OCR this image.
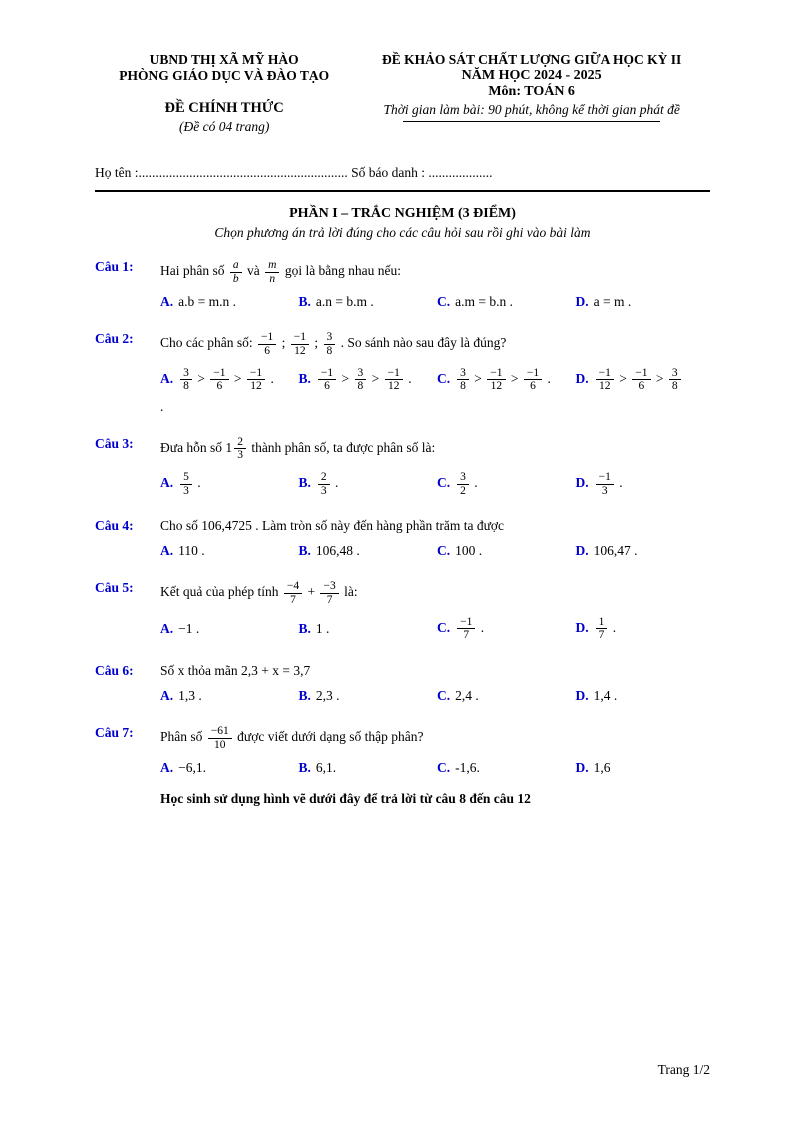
UBND THỊ XÃ MỸ HÀO
PHÒNG GIÁO DỤC VÀ ĐÀO TẠO
ĐỀ CHÍNH THỨC
(Đề có 04 trang)
ĐỀ KHẢO SÁT CHẤT LƯỢNG GIỮA HỌC KỲ II
NĂM HỌC 2024 - 2025
Môn: TOÁN 6
Thời gian làm bài: 90 phút, không kể thời gian phát đề
Họ tên :.............................................................. Số báo danh : ...................
PHẦN I – TRẮC NGHIỆM (3 ĐIỂM)
Chọn phương án trả lời đúng cho các câu hỏi sau rồi ghi vào bài làm
Câu 1:	Hai phân số $\frac{a}{b}$ và $\frac{m}{n}$ gọi là bằng nhau nếu:
A. a.b = m.n .	B. a.n = b.m .	C. a.m = b.n .	D. a = m .
Câu 2:	Cho các phân số: $\frac{-1}{6}$ ; $\frac{-1}{12}$ ; $\frac{3}{8}$ . So sánh nào sau đây là đúng?
A. $\frac{3}{8} > \frac{-1}{6} > \frac{-1}{12}$ .	B. $\frac{-1}{6} > \frac{3}{8} > \frac{-1}{12}$ .	C. $\frac{3}{8} > \frac{-1}{12} > \frac{-1}{6}$ .	D. $\frac{-1}{12} > \frac{-1}{6} > \frac{3}{8}$
.
Câu 3:	Đưa hỗn số $1 \frac{2}{3}$ thành phân số, ta được phân số là:
A. $\frac{5}{3}$ .	B. $\frac{2}{3}$ .	C. $\frac{3}{2}$ .	D. $\frac{-1}{3}$ .
Câu 4:	Cho số 106,4725 . Làm tròn số này đến hàng phần trăm ta được
A. 110 .	B. 106,48 .	C. 100 .	D. 106,47 .
Câu 5:	Kết quả của phép tính $\frac{-4}{7} + \frac{-3}{7}$ là:
A. −1 .	B. 1 .	C. $\frac{-1}{7}$ .	D. $\frac{1}{7}$ .
Câu 6:	Số x thỏa mãn 2,3 + x = 3,7
A. 1,3 .	B. 2,3 .	C. 2,4 .	D. 1,4 .
Câu 7:	Phân số $\frac{-61}{10}$ được viết dưới dạng số thập phân?
A. −6,1.	B. 6,1.	C. -1,6.	D. 1,6
Học sinh sử dụng hình vẽ dưới đây để trả lời từ câu 8 đến câu 12
Trang 1/2
